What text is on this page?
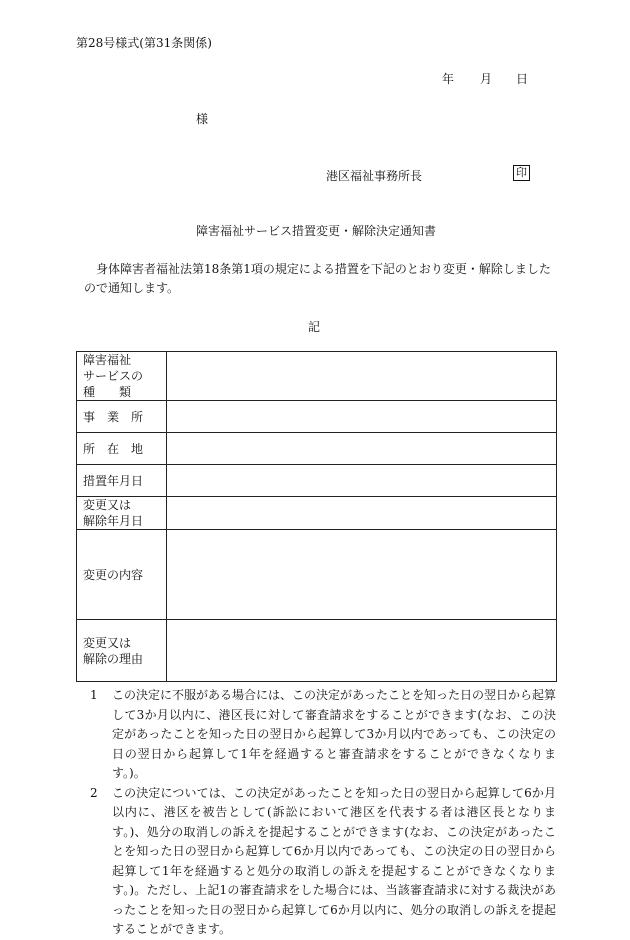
第28号様式(第31条関係)
年 月 日
様
港区福祉事務所長	印
障害福祉サービス措置変更・解除決定通知書
身体障害者福祉法第18条第1項の規定による措置を下記のとおり変更・解除しましたので通知します。
記
障害福祉
サービスの
種　　類	

事　業　所	

所　在　地	

措置年月日	

変更又は
解除年月日	

変更の内容	

変更又は
解除の理由	

1	この決定に不服がある場合には、この決定があったことを知った日の翌日から起算して3か月以内に、港区長に対して審査請求をすることができます(なお、この決定があったことを知った日の翌日から起算して3か月以内であっても、この決定の日の翌日から起算して1年を経過すると審査請求をすることができなくなります。)。
2	この決定については、この決定があったことを知った日の翌日から起算して6か月以内に、港区を被告として(訴訟において港区を代表する者は港区長となります。)、処分の取消しの訴えを提起することができます(なお、この決定があったことを知った日の翌日から起算して6か月以内であっても、この決定の日の翌日から起算して1年を経過すると処分の取消しの訴えを提起することができなくなります。)。ただし、上記1の審査請求をした場合には、当該審査請求に対する裁決があったことを知った日の翌日から起算して6か月以内に、処分の取消しの訴えを提起することができます。
